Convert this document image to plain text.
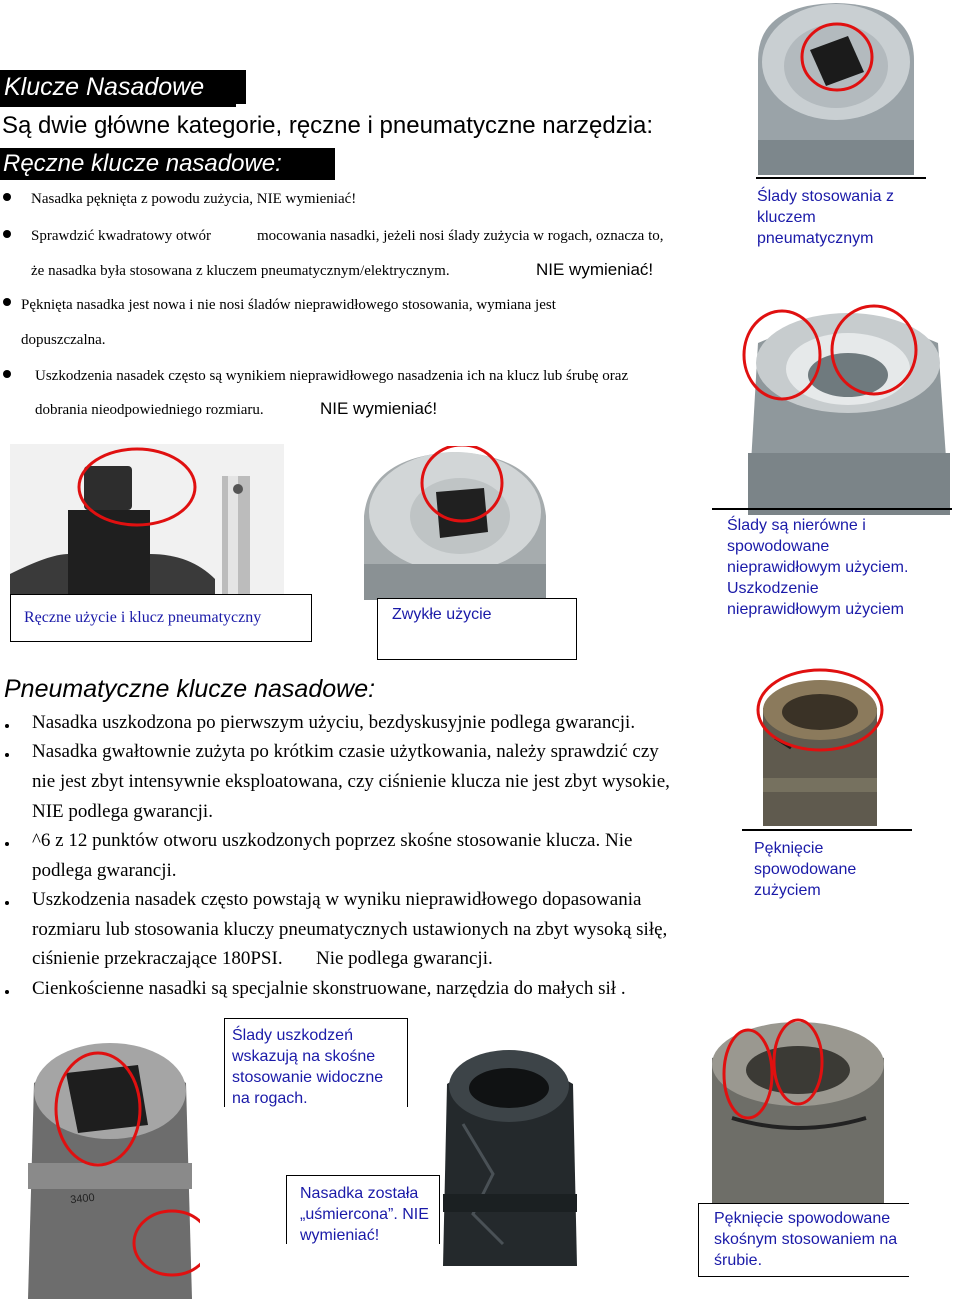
Klucze Nasadowe
Są dwie główne kategorie, ręczne i pneumatyczne narzędzia:
Ręczne klucze nasadowe:
Nasadka pęknięta z powodu zużycia, NIE wymieniać!
Sprawdzić kwadratowy otwór	mocowania nasadki, jeżeli nosi ślady zużycia w rogach, oznacza to,
że nasadka była stosowana z kluczem pneumatycznym/elektrycznym.	NIE wymieniać!
Pęknięta nasadka jest nowa i nie nosi śladów nieprawidłowego stosowania, wymiana jest
dopuszczalna.
Uszkodzenia nasadek często są wynikiem nieprawidłowego nasadzenia ich na klucz lub śrubę oraz
dobrania nieodpowiedniego rozmiaru.	NIE wymieniać!
Ślady stosowania z kluczem pneumatycznym
Ręczne użycie i klucz pneumatyczny	Zwykłe użycie
Ślady są nierówne i spowodowane nieprawidłowym użyciem. Uszkodzenie nieprawidłowym użyciem
Pneumatyczne klucze nasadowe:
Nasadka uszkodzona po pierwszym użyciu, bezdyskusyjnie podlega gwarancji.
Nasadka gwałtownie zużyta po krótkim czasie użytkowania, należy sprawdzić czy
nie jest zbyt intensywnie eksploatowana, czy ciśnienie klucza nie jest zbyt wysokie,
NIE podlega gwarancji.
^6 z 12 punktów otworu uszkodzonych poprzez skośne stosowanie klucza. Nie
podlega gwarancji.
Uszkodzenia nasadek często powstają w wyniku nieprawidłowego dopasowania
rozmiaru lub stosowania kluczy pneumatycznych ustawionych na zbyt wysoką siłę,
ciśnienie przekraczające 180PSI. Nie podlega gwarancji.
Cienkościenne nasadki są specjalnie skonstruowane, narzędzia do małych sił .
Pęknięcie spowodowane zużyciem
3400
Ślady uszkodzeń wskazują na skośne stosowanie widoczne na rogach.
Nasadka została „uśmiercona”. NIE wymieniać!
Pęknięcie spowodowane skośnym stosowaniem na śrubie.
